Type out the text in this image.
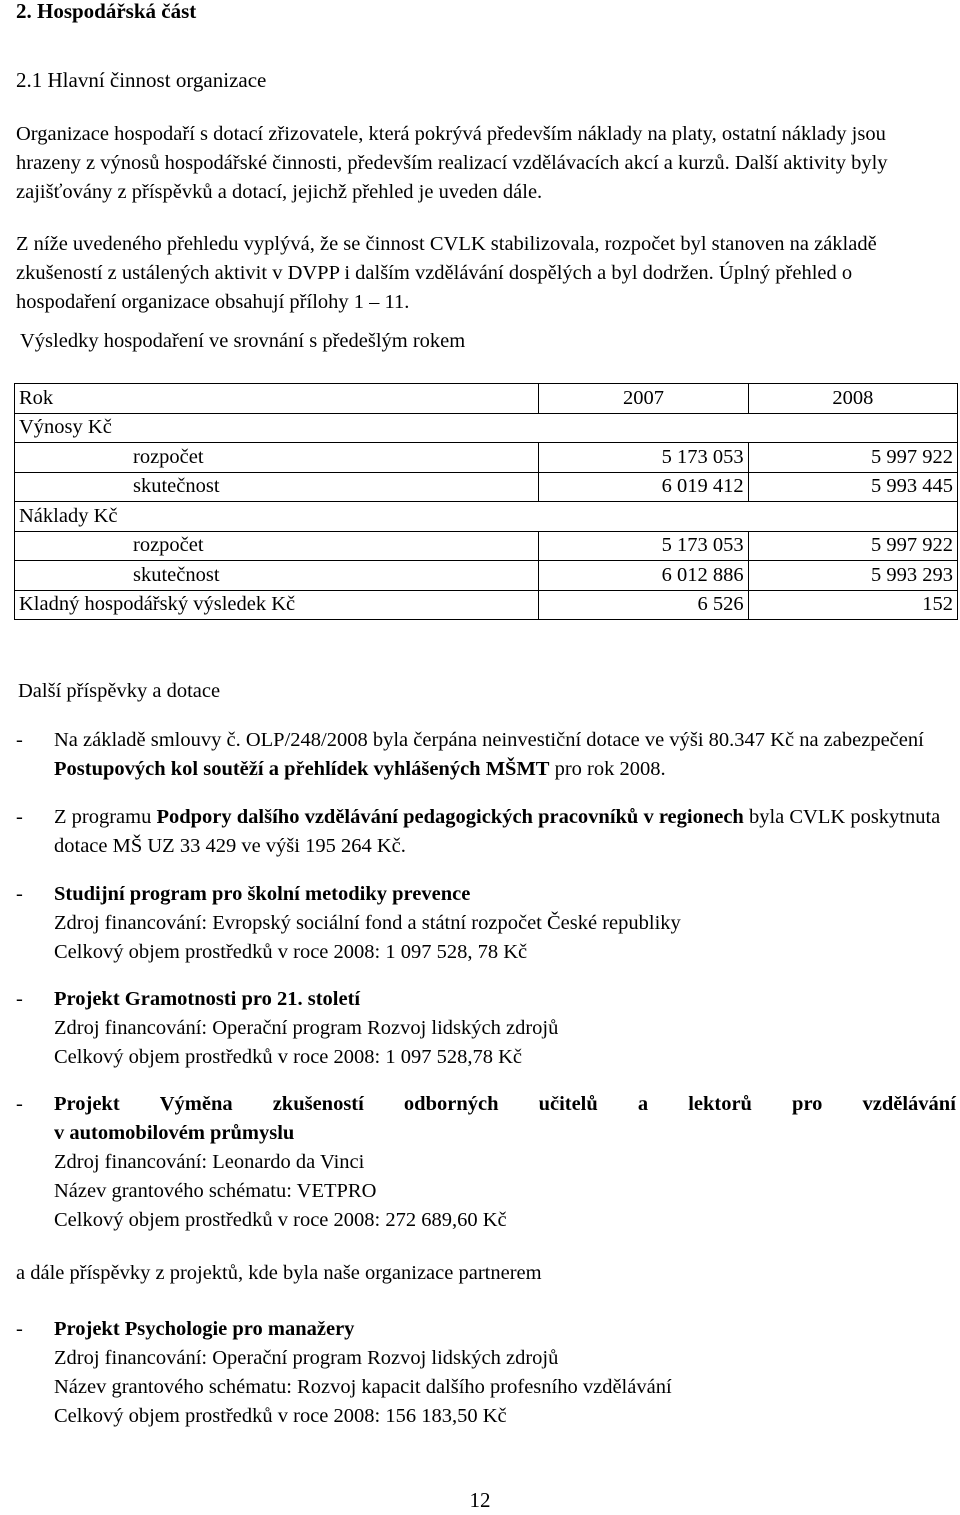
2. Hospodářská část
2.1 Hlavní činnost organizace

Organizace hospodaří s dotací zřizovatele, která pokrývá především náklady na platy, ostatní náklady jsou hrazeny z výnosů hospodářské činnosti, především realizací vzdělávacích akcí a kurzů. Další aktivity byly zajišťovány z příspěvků a dotací, jejichž přehled je uveden dále.

Z níže uvedeného přehledu vyplývá, že se činnost CVLK stabilizovala, rozpočet byl stanoven na základě zkušeností z ustálených aktivit v DVPP i dalším vzdělávání dospělých a byl dodržen. Úplný přehled o hospodaření organizace obsahují přílohy 1 – 11.

Výsledky hospodaření ve srovnání s předešlým rokem

Rok	2007	2008
Výnosy Kč		
rozpočet	5 173 053	5 997 922
skutečnost	6 019 412	5 993 445
Náklady Kč		
rozpočet	5 173 053	5 997 922
skutečnost	6 012 886	5 993 293
Kladný hospodářský výsledek Kč	6 526	152

Další příspěvky a dotace

- Na základě smlouvy č. OLP/248/2008 byla čerpána neinvestiční dotace ve výši 80.347 Kč na zabezpečení Postupových kol soutěží a přehlídek vyhlášených MŠMT pro rok 2008.
- Z programu Podpory dalšího vzdělávání pedagogických pracovníků v regionech byla CVLK poskytnuta dotace MŠ UZ 33 429 ve výši 195 264 Kč.
- Studijní program pro školní metodiky prevence
Zdroj financování: Evropský sociální fond a státní rozpočet České republiky
Celkový objem prostředků v roce 2008: 1 097 528, 78 Kč
- Projekt Gramotnosti pro 21. století
Zdroj financování: Operační program Rozvoj lidských zdrojů
Celkový objem prostředků v roce 2008: 1 097 528,78 Kč
- Projekt Výměna zkušeností odborných učitelů a lektorů pro vzdělávání
v automobilovém průmyslu
Zdroj financování: Leonardo da Vinci
Název grantového schématu: VETPRO
Celkový objem prostředků v roce 2008: 272 689,60 Kč

a dále příspěvky z projektů, kde byla naše organizace partnerem

- Projekt Psychologie pro manažery
Zdroj financování: Operační program Rozvoj lidských zdrojů
Název grantového schématu: Rozvoj kapacit dalšího profesního vzdělávání
Celkový objem prostředků v roce 2008: 156 183,50 Kč
12
